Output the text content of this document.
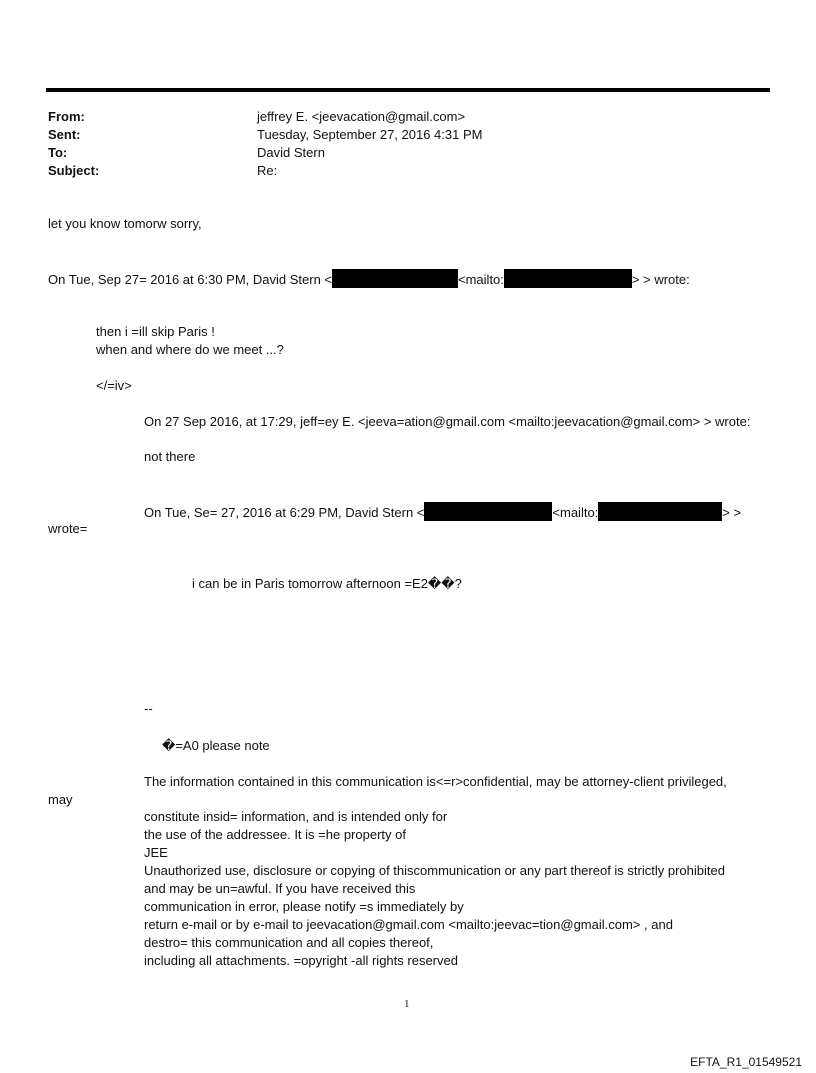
From:	jeffrey E. <jeevacation@gmail.com>
Sent:	Tuesday, September 27, 2016 4:31 PM
To:	David Stern
Subject:	Re:
let you know tomorw sorry,
On Tue, Sep 27= 2016 at 6:30 PM, David Stern <	<mailto:	> > wrote:
then i =ill skip Paris !
when and where do we meet ...?
</=iv>
On 27 Sep 2016, at 17:29, jeff=ey E. <jeeva=ation@gmail.com <mailto:jeevacation@gmail.com> > wrote:
not there
On Tue, Se= 27, 2016 at 6:29 PM, David Stern <	<mailto:	> >
wrote=
i can be in Paris tomorrow afternoon =E2��?
--
�=A0 please note
The information contained in this communication is<=r>confidential, may be attorney-client privileged,
may
constitute insid= information, and is intended only for
the use of the addressee. It is =he property of
JEE
Unauthorized use, disclosure or copying of thiscommunication or any part thereof is strictly prohibited
and may be un=awful. If you have received this
communication in error, please notify =s immediately by
return e-mail or by e-mail to jeevacation@gmail.com <mailto:jeevac=tion@gmail.com> , and
destro= this communication and all copies thereof,
including all attachments. =opyright -all rights reserved
1
EFTA_R1_01549521
